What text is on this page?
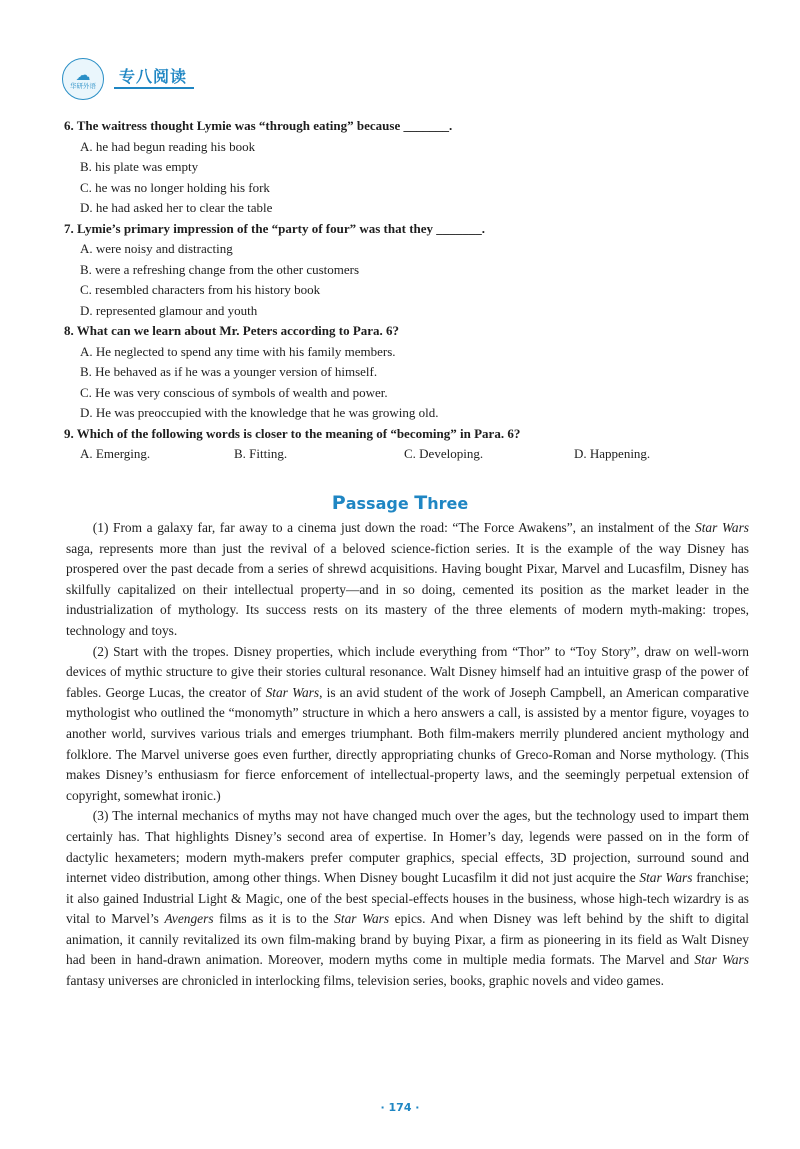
☁
华研外语 专八阅读

6. The waitress thought Lymie was “through eating” because _______.

A. he had begun reading his book

B. his plate was empty

C. he was no longer holding his fork

D. he had asked her to clear the table

7. Lymie’s primary impression of the “party of four” was that they _______.

A. were noisy and distracting

B. were a refreshing change from the other customers

C. resembled characters from his history book

D. represented glamour and youth

8. What can we learn about Mr. Peters according to Para. 6?

A. He neglected to spend any time with his family members.

B. He behaved as if he was a younger version of himself.

C. He was very conscious of symbols of wealth and power.

D. He was preoccupied with the knowledge that he was growing old.

9. Which of the following words is closer to the meaning of “becoming” in Para. 6?

A. Emerging.	B. Fitting.	C. Developing.	D. Happening.
Passage Three

(1) From a galaxy far, far away to a cinema just down the road: “The Force Awakens”, an instalment of the Star Wars saga, represents more than just the revival of a beloved science-fiction series. It is the example of the way Disney has prospered over the past decade from a series of shrewd acquisitions. Having bought Pixar, Marvel and Lucasfilm, Disney has skilfully capitalized on their intellectual property—and in so doing, cemented its position as the market leader in the industrialization of mythology. Its success rests on its mastery of the three elements of modern myth-making: tropes, technology and toys.

(2) Start with the tropes. Disney properties, which include everything from “Thor” to “Toy Story”, draw on well-worn devices of mythic structure to give their stories cultural resonance. Walt Disney himself had an intuitive grasp of the power of fables. George Lucas, the creator of Star Wars, is an avid student of the work of Joseph Campbell, an American comparative mythologist who outlined the “monomyth” structure in which a hero answers a call, is assisted by a mentor figure, voyages to another world, survives various trials and emerges triumphant. Both film-makers merrily plundered ancient mythology and folklore. The Marvel universe goes even further, directly appropriating chunks of Greco-Roman and Norse mythology. (This makes Disney’s enthusiasm for fierce enforcement of intellectual-property laws, and the seemingly perpetual extension of copyright, somewhat ironic.)

(3) The internal mechanics of myths may not have changed much over the ages, but the technology used to impart them certainly has. That highlights Disney’s second area of expertise. In Homer’s day, legends were passed on in the form of dactylic hexameters; modern myth-makers prefer computer graphics, special effects, 3D projection, surround sound and internet video distribution, among other things. When Disney bought Lucasfilm it did not just acquire the Star Wars franchise; it also gained Industrial Light & Magic, one of the best special-effects houses in the business, whose high-tech wizardry is as vital to Marvel’s Avengers films as it is to the Star Wars epics. And when Disney was left behind by the shift to digital animation, it cannily revitalized its own film-making brand by buying Pixar, a firm as pioneering in its field as Walt Disney had been in hand-drawn animation. Moreover, modern myths come in multiple media formats. The Marvel and Star Wars fantasy universes are chronicled in interlocking films, television series, books, graphic novels and video games.

· 174 ·
